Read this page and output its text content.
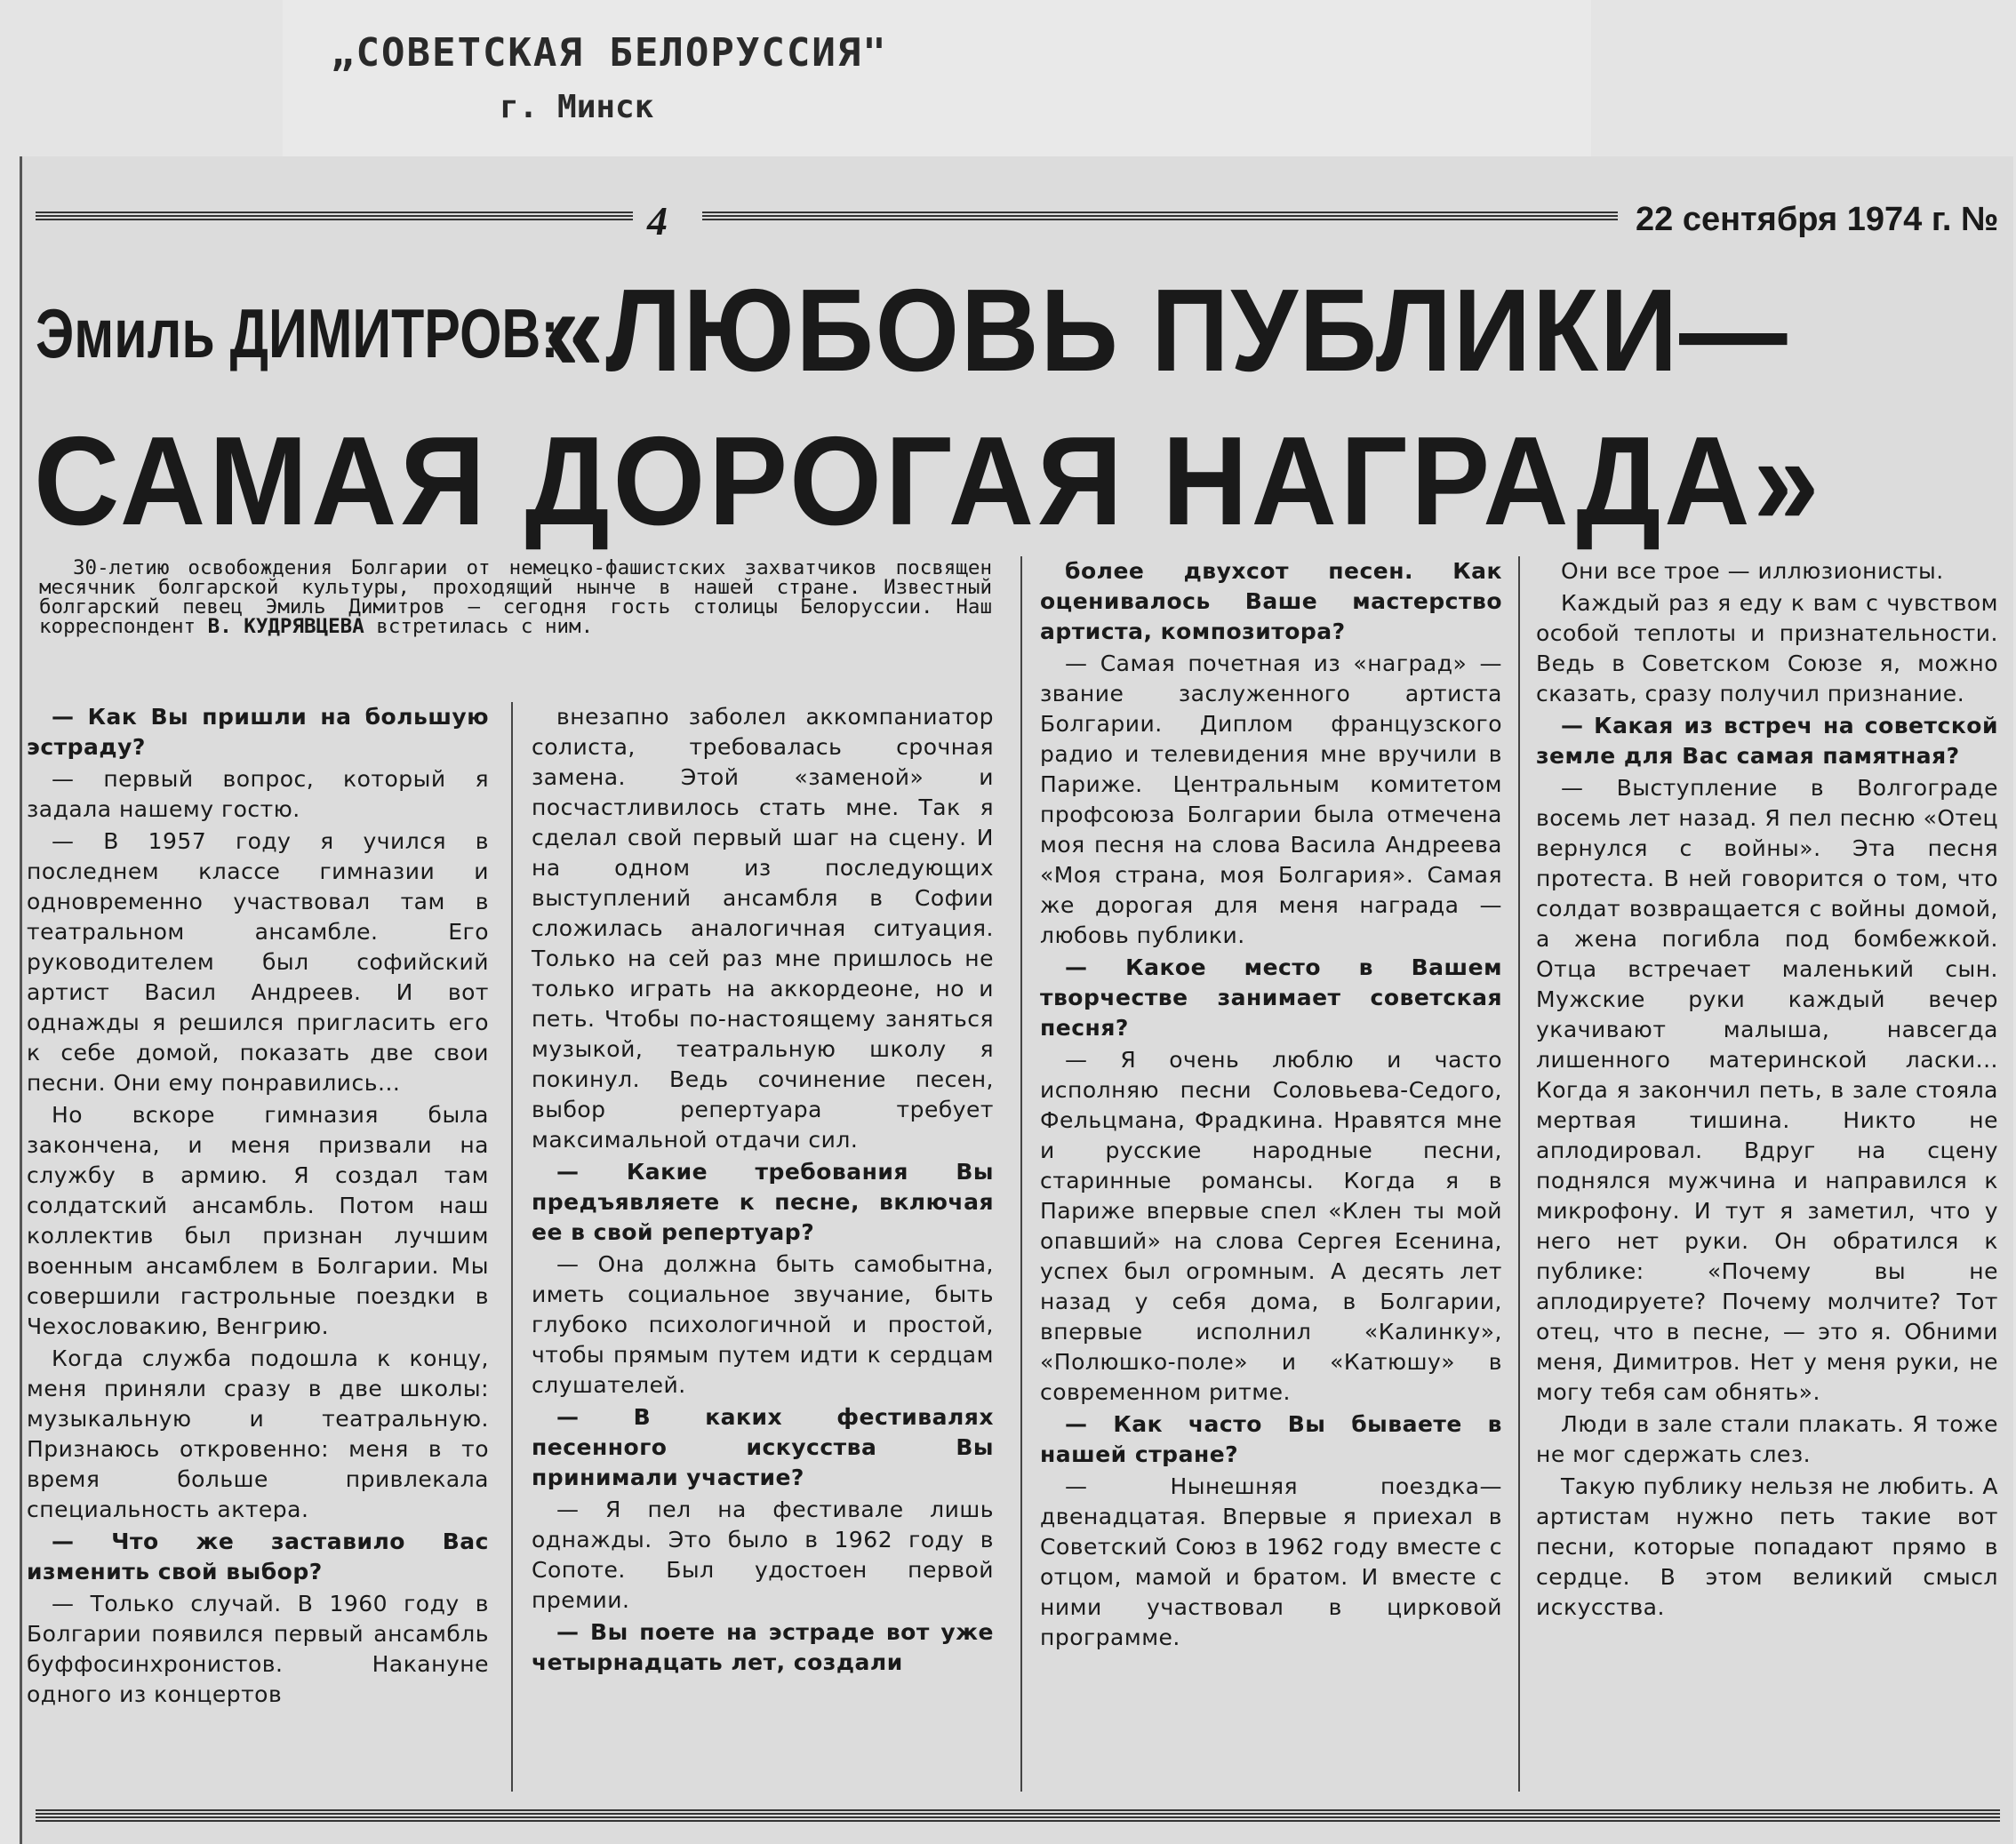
„СОВЕТСКАЯ БЕЛОРУССИЯ"
г. Минск
4	22 сентября 1974 г. №
Эмиль ДИМИТРОВ:
«ЛЮБОВЬ ПУБЛИКИ—
САМАЯ ДОРОГАЯ НАГРАДА»
30-летию освобождения Болгарии от немецко-фашистских захватчиков посвящен месячник болгарской культуры, проходящий нынче в нашей стране. Известный болгарский певец Эмиль Димитров — сегодня гость столицы Белоруссии. Наш корреспондент В. КУДРЯВЦЕВА встретилась с ним.

— Как Вы пришли на большую эстраду?

— первый вопрос, который я задала нашему гостю.

— В 1957 году я учился в последнем классе гимназии и одновременно участвовал там в театральном ансамбле. Его руководителем был софийский артист Васил Андреев. И вот однажды я решился пригласить его к себе домой, показать две свои песни. Они ему понравились...

Но вскоре гимназия была закончена, и меня призвали на службу в армию. Я создал там солдатский ансамбль. Потом наш коллектив был признан лучшим военным ансамблем в Болгарии. Мы совершили гастрольные поездки в Чехословакию, Венгрию.

Когда служба подошла к концу, меня приняли сразу в две школы: музыкальную и театральную. Признаюсь откровенно: меня в то время больше привлекала специальность актера.

— Что же заставило Вас изменить свой выбор?

— Только случай. В 1960 году в Болгарии появился первый ансамбль буффосинхронистов. Накануне одного из концертов

внезапно заболел аккомпаниатор солиста, требовалась срочная замена. Этой «заменой» и посчастливилось стать мне. Так я сделал свой первый шаг на сцену. И на одном из последующих выступлений ансамбля в Софии сложилась аналогичная ситуация. Только на сей раз мне пришлось не только играть на аккордеоне, но и петь. Чтобы по-настоящему заняться музыкой, театральную школу я покинул. Ведь сочинение песен, выбор репертуара требует максимальной отдачи сил.

— Какие требования Вы предъявляете к песне, включая ее в свой репертуар?

— Она должна быть самобытна, иметь социальное звучание, быть глубоко психологичной и простой, чтобы прямым путем идти к сердцам слушателей.

— В каких фестивалях песенного искусства Вы принимали участие?

— Я пел на фестивале лишь однажды. Это было в 1962 году в Сопоте. Был удостоен первой премии.

— Вы поете на эстраде вот уже четырнадцать лет, создали

более двухсот песен. Как оценивалось Ваше мастерство артиста, композитора?

— Самая почетная из «наград» — звание заслуженного артиста Болгарии. Диплом французского радио и телевидения мне вручили в Париже. Центральным комитетом профсоюза Болгарии была отмечена моя песня на слова Васила Андреева «Моя страна, моя Болгария». Самая же дорогая для меня награда — любовь публики.

— Какое место в Вашем творчестве занимает советская песня?

— Я очень люблю и часто исполняю песни Соловьева-Седого, Фельцмана, Фрадкина. Нравятся мне и русские народные песни, старинные романсы. Когда я в Париже впервые спел «Клен ты мой опавший» на слова Сергея Есенина, успех был огромным. А десять лет назад у себя дома, в Болгарии, впервые исполнил «Калинку», «Полюшко-поле» и «Катюшу» в современном ритме.

— Как часто Вы бываете в нашей стране?

— Нынешняя поездка—двенадцатая. Впервые я приехал в Советский Союз в 1962 году вместе с отцом, мамой и братом. И вместе с ними участвовал в цирковой программе.

Они все трое — иллюзионисты.

Каждый раз я еду к вам с чувством особой теплоты и признательности. Ведь в Советском Союзе я, можно сказать, сразу получил признание.

— Какая из встреч на советской земле для Вас самая памятная?

— Выступление в Волгограде восемь лет назад. Я пел песню «Отец вернулся с войны». Эта песня протеста. В ней говорится о том, что солдат возвращается с войны домой, а жена погибла под бомбежкой. Отца встречает маленький сын. Мужские руки каждый вечер укачивают малыша, навсегда лишенного материнской ласки... Когда я закончил петь, в зале стояла мертвая тишина. Никто не аплодировал. Вдруг на сцену поднялся мужчина и направился к микрофону. И тут я заметил, что у него нет руки. Он обратился к публике: «Почему вы не аплодируете? Почему молчите? Тот отец, что в песне, — это я. Обними меня, Димитров. Нет у меня руки, не могу тебя сам обнять».

Люди в зале стали плакать. Я тоже не мог сдержать слез.

Такую публику нельзя не любить. А артистам нужно петь такие вот песни, которые попадают прямо в сердце. В этом великий смысл искусства.
